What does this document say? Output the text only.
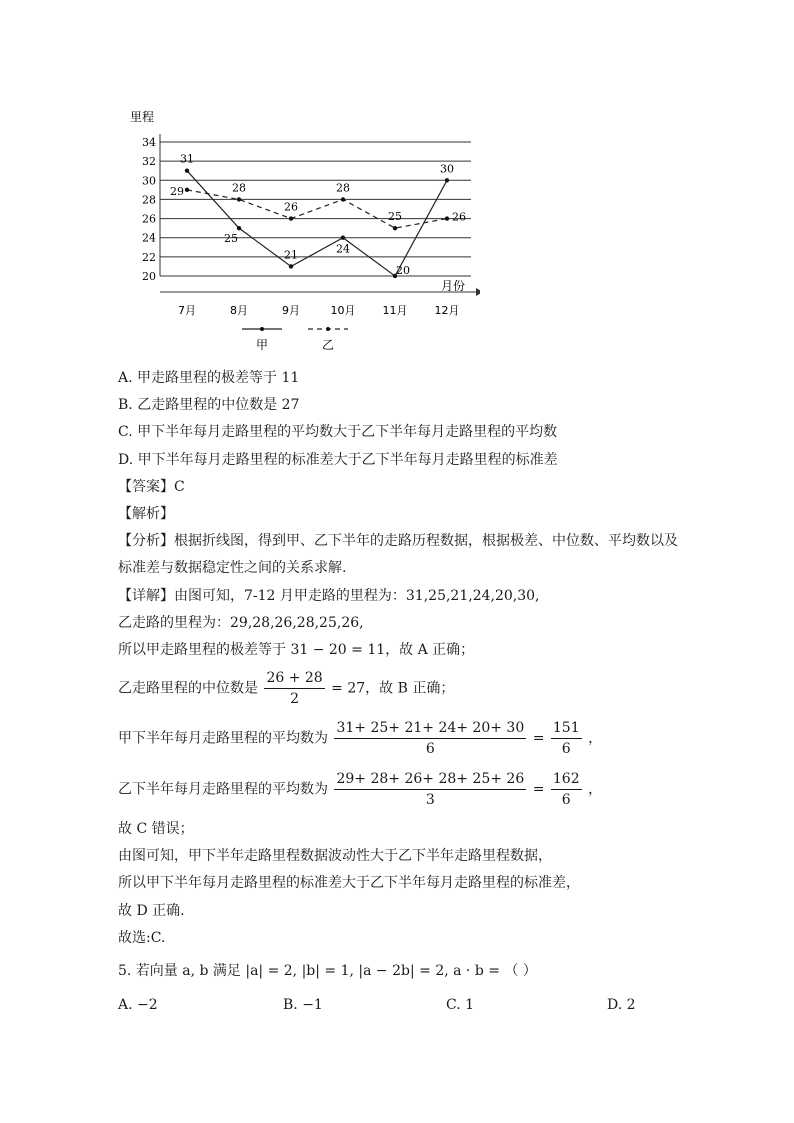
34
32
30
28
26
24
22
20
7月	8月	9月	10月 11月 12月
31
25
21	24
20
30
29	28
26
28
25	26
甲	乙
里程
月份
A. 甲走路里程的极差等于 11
B. 乙走路里程的中位数是 27
C. 甲下半年每月走路里程的平均数大于乙下半年每月走路里程的平均数
D. 甲下半年每月走路里程的标准差大于乙下半年每月走路里程的标准差
【答案】C
【解析】
【分析】根据折线图，得到甲、乙下半年的走路历程数据，根据极差、中位数、平均数以及
标准差与数据稳定性之间的关系求解.
【详解】由图可知，7-12 月甲走路的里程为：31,25,21,24,20,30,
乙走路的里程为：29,28,26,28,25,26,
所以甲走路里程的极差等于 31 − 20 = 11，故 A 正确；
乙走路里程的中位数是 $\frac{26 + 28}{2} = 27$，故 B 正确；
甲下半年每月走路里程的平均数为 $\frac{31+ 25+ 21+ 24+ 20+ 30}{6} = \frac{151}{6}$ ，
乙下半年每月走路里程的平均数为 $\frac{29+ 28+ 26+ 28+ 25+ 26}{3} = \frac{162}{6}$ ，
故 C 错误；
由图可知，甲下半年走路里程数据波动性大于乙下半年走路里程数据，
所以甲下半年每月走路里程的标准差大于乙下半年每月走路里程的标准差，
故 D 正确.
故选:C.
5. 若向量 a, b 满足 |a| = 2, |b| = 1, |a − 2b| = 2, a · b = （ ）
A. −2	B. −1	C. 1	D. 2
